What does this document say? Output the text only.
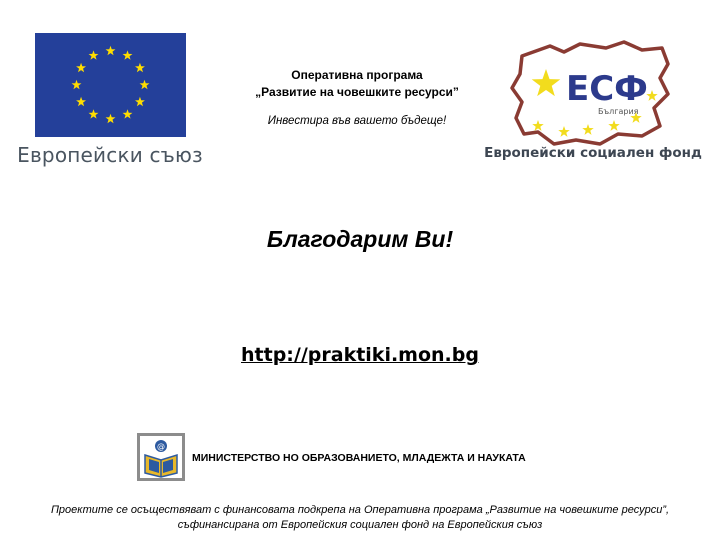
Европейски съюз
Оперативна програма
„Развитие на човешките ресурси”
Инвестира във вашето бъдеще!
ЕСФ
България
Европейски социален фонд
Благодарим Ви!
http://praktiki.mon.bg
@
МИНИСТЕРСТВО НО ОБРАЗОВАНИЕТО, МЛАДЕЖТА И НАУКАТА
Проектите се осъществяват с финансовата подкрепа на Оперативна програма „Развитие на човешките ресурси”, съфинансирана от Европейския социален фонд на Европейския съюз
